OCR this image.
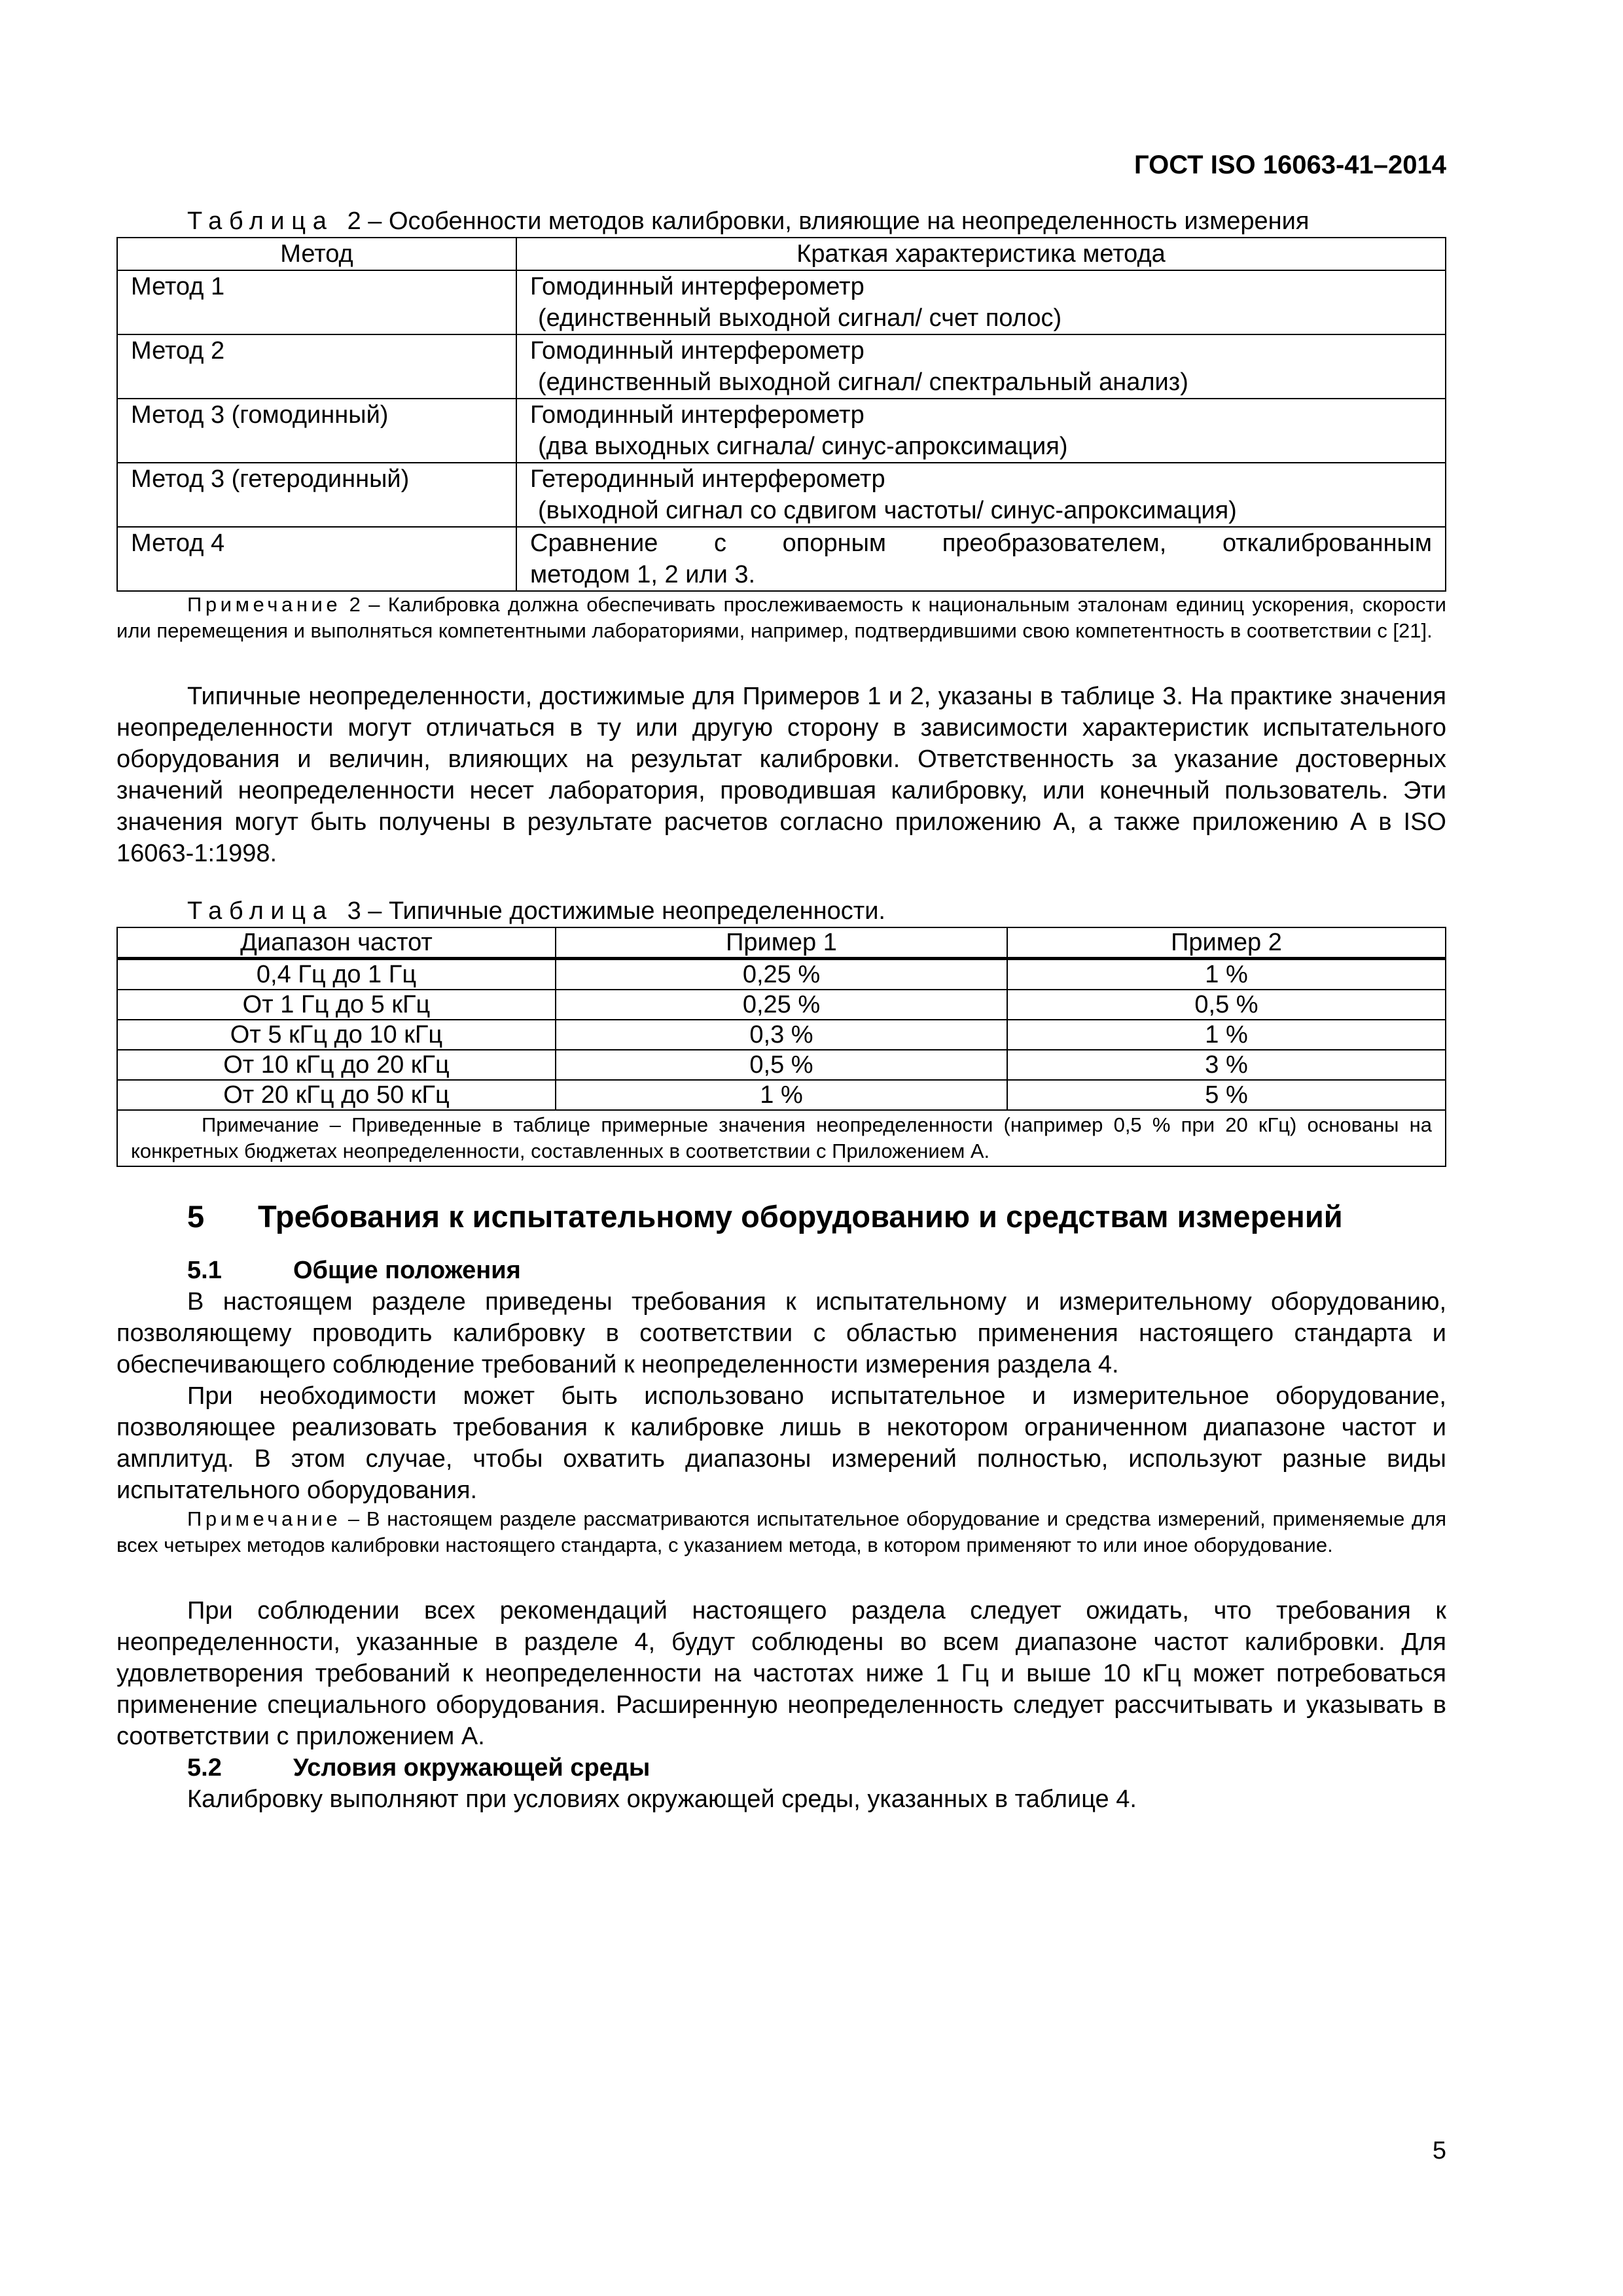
ГОСТ ISO 16063-41–2014

Таблица 2 – Особенности методов калибровки, влияющие на неопределенность измерения

Метод	Краткая характеристика метода
Метод 1	Гомодинный интерферометр
(единственный выходной сигнал/ счет полос)

Метод 2	Гомодинный интерферометр
(единственный выходной сигнал/ спектральный анализ)

Метод 3 (гомодинный)	Гомодинный интерферометр
(два выходных сигнала/ синус-апроксимация)

Метод 3 (гетеродинный)	Гетеродинный интерферометр
(выходной сигнал со сдвигом частоты/ синус-апроксимация)

Метод 4	Сравнение с опорным преобразователем, откалиброванным
методом 1, 2 или 3.

Примечание 2 – Калибровка должна обеспечивать прослеживаемость к национальным эталонам единиц ускорения, скорости или перемещения и выполняться компетентными лабораториями, например, подтвердившими свою компетентность в соответствии с [21].

Типичные неопределенности, достижимые для Примеров 1 и 2, указаны в таблице 3. На практике значения неопределенности могут отличаться в ту или другую сторону в зависимости характеристик испытательного оборудования и величин, влияющих на результат калибровки. Ответственность за указание достоверных значений неопределенности несет лаборатория, проводившая калибровку, или конечный пользователь. Эти значения могут быть получены в результате расчетов согласно приложению А, а также приложению А в ISO 16063-1:1998.

Таблица 3 – Типичные достижимые неопределенности.

Диапазон частот	Пример 1	Пример 2
0,4 Гц до 1 Гц	0,25 %	1 %
От 1 Гц до 5 кГц	0,25 %	0,5 %
От 5 кГц до 10 кГц	0,3 %	1 %
От 10 кГц до 20 кГц	0,5 %	3 %
От 20 кГц до 50 кГц	1 %	5 %

Примечание – Приведенные в таблице примерные значения неопределенности (например 0,5 % при 20 кГц) основаны на конкретных бюджетах неопределенности, составленных в соответствии с Приложением А.		
5	Требования к испытательному оборудованию и средствам измерений
5.1	Общие положения

В настоящем разделе приведены требования к испытательному и измерительному оборудованию, позволяющему проводить калибровку в соответствии с областью применения настоящего стандарта и обеспечивающего соблюдение требований к неопределенности измерения раздела 4.

При необходимости может быть использовано испытательное и измерительное оборудование, позволяющее реализовать требования к калибровке лишь в некотором ограниченном диапазоне частот и амплитуд. В этом случае, чтобы охватить диапазоны измерений полностью, используют разные виды испытательного оборудования.

Примечание – В настоящем разделе рассматриваются испытательное оборудование и средства измерений, применяемые для всех четырех методов калибровки настоящего стандарта, с указанием метода, в котором применяют то или иное оборудование.

При соблюдении всех рекомендаций настоящего раздела следует ожидать, что требования к неопределенности, указанные в разделе 4, будут соблюдены во всем диапазоне частот калибровки. Для удовлетворения требований к неопределенности на частотах ниже 1 Гц и выше 10 кГц может потребоваться применение специального оборудования. Расширенную неопределенность следует рассчитывать и указывать в соответствии с приложением А.

5.2	Условия окружающей среды

Калибровку выполняют при условиях окружающей среды, указанных в таблице 4.

5
